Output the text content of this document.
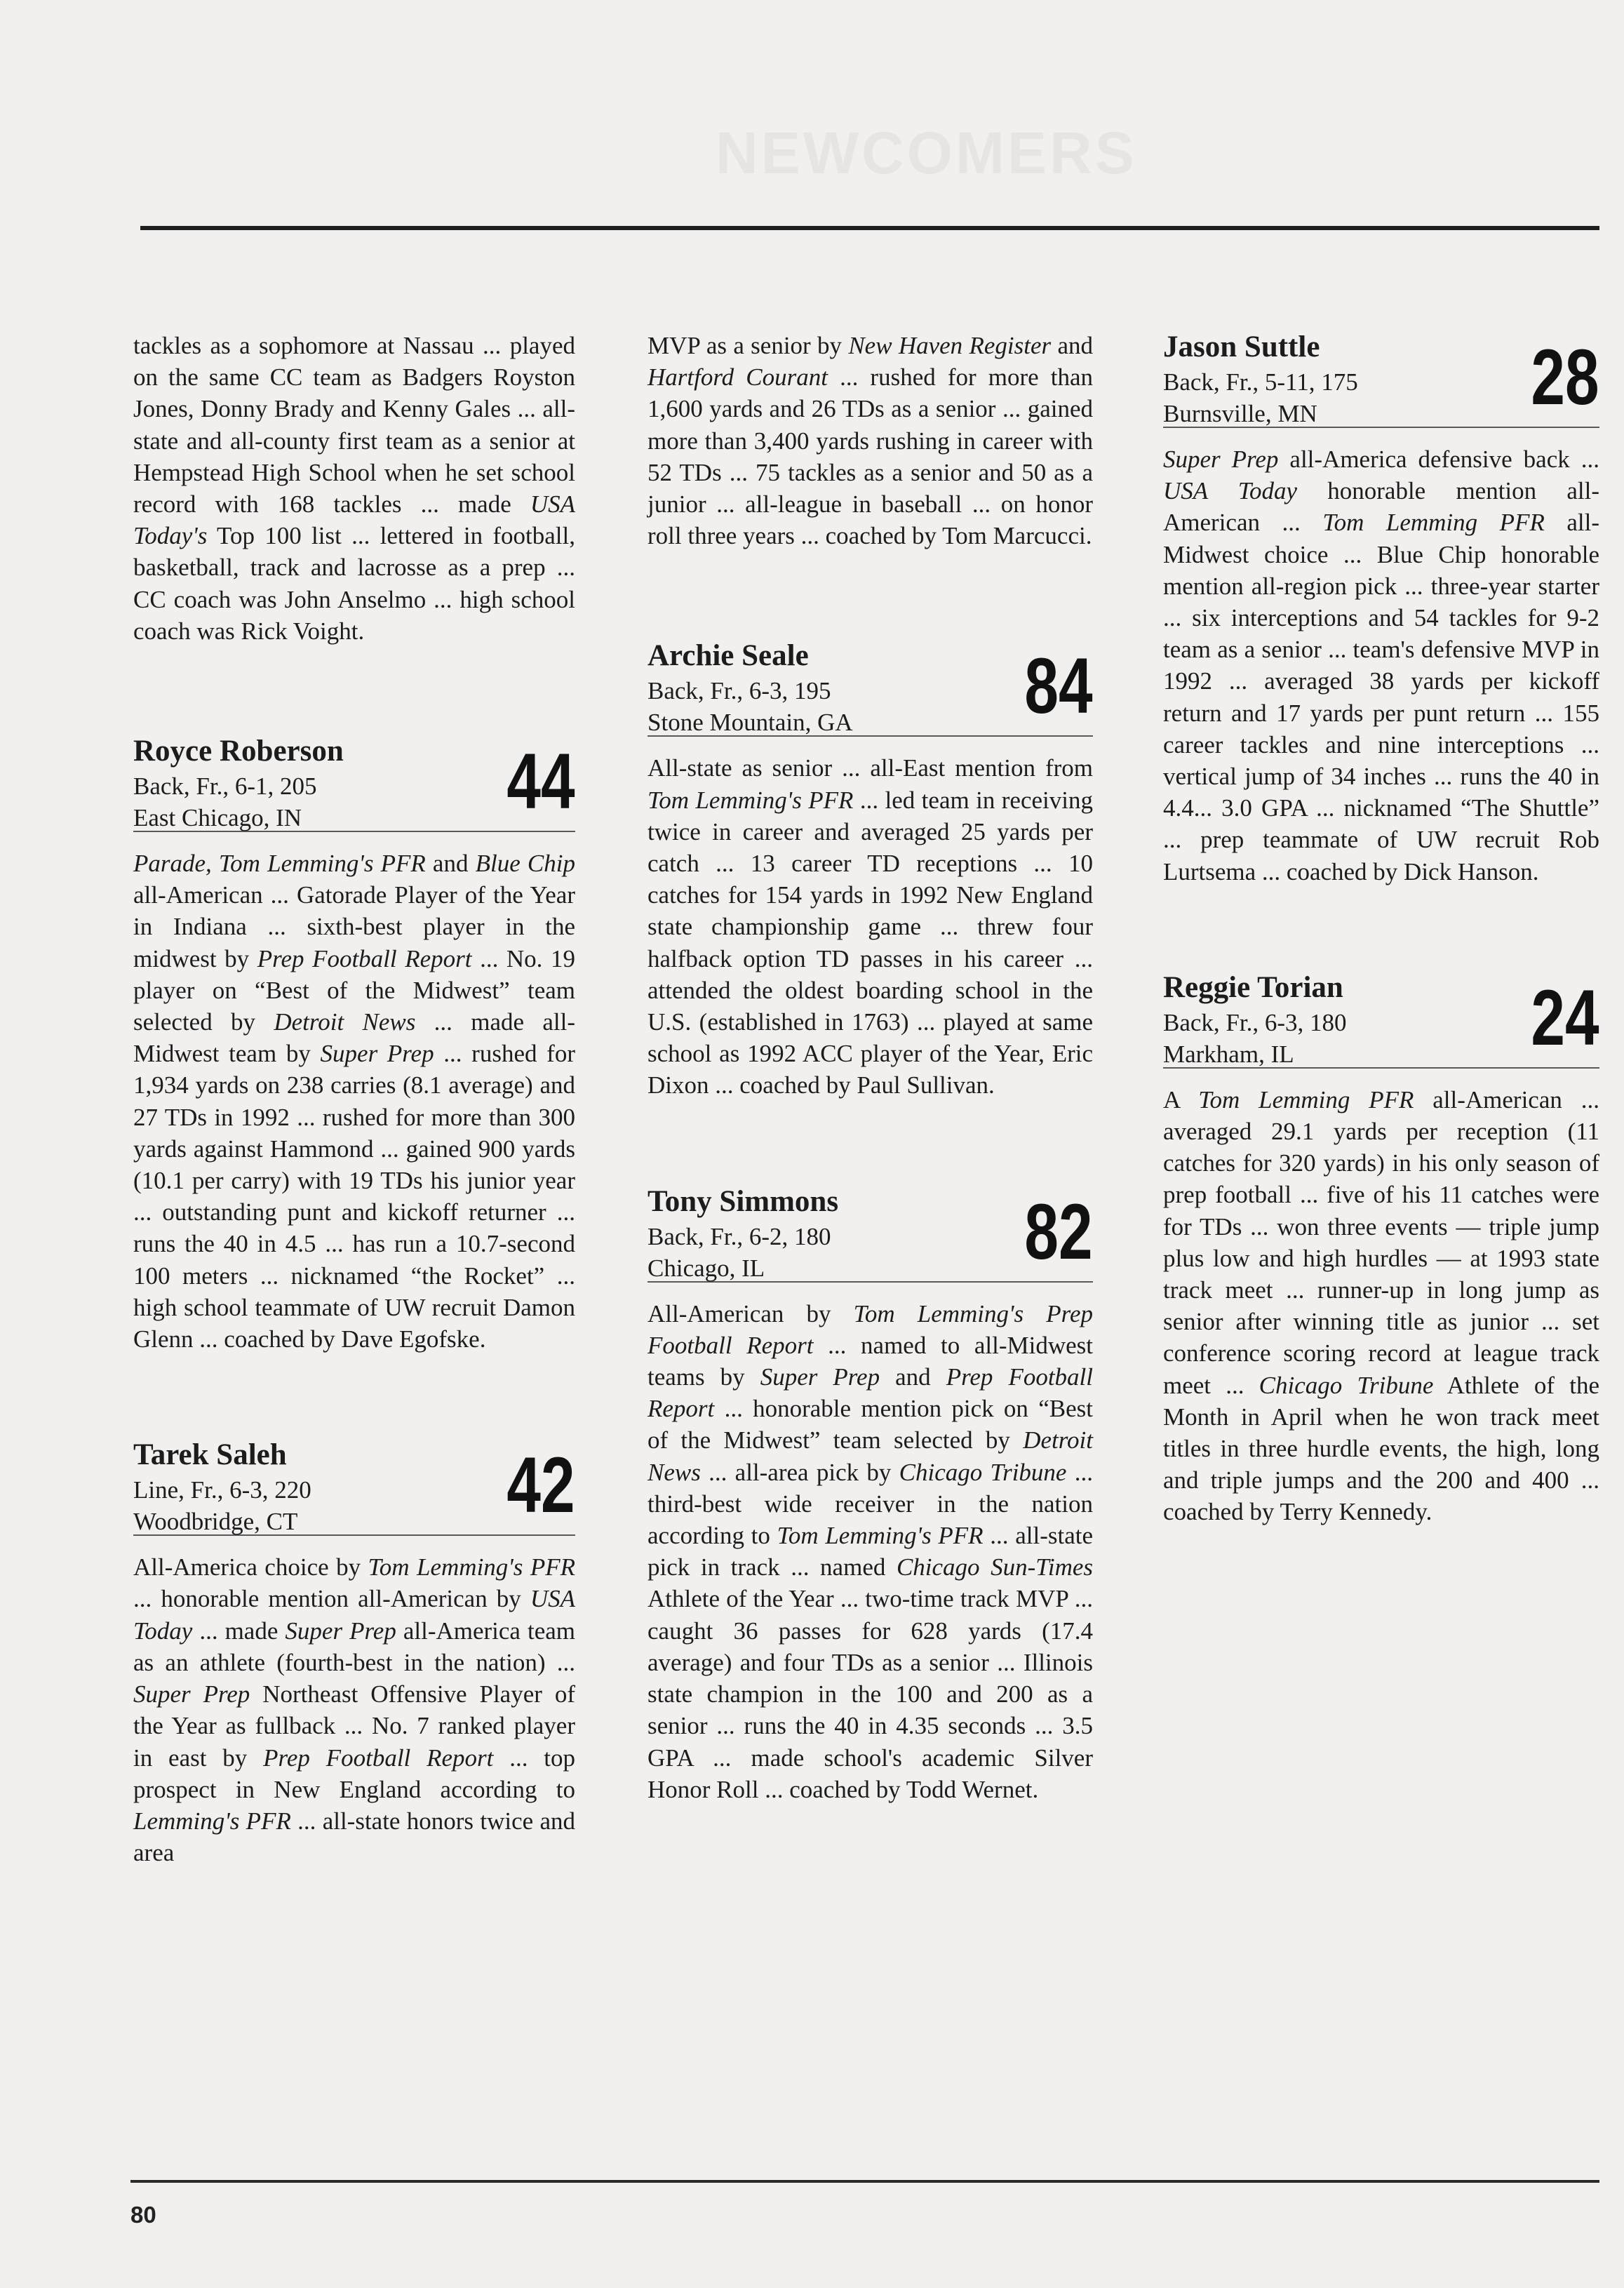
NEWCOMERS

tackles as a sophomore at Nassau ... played on the same CC team as Badgers Royston Jones, Donny Brady and Kenny Gales ... all-state and all-county first team as a senior at Hempstead High School when he set school record with 168 tackles ... made USA Today's Top 100 list ... lettered in football, basketball, track and lacrosse as a prep ... CC coach was John Anselmo ... high school coach was Rick Voight.

Royce Roberson
Back, Fr., 6-1, 205
East Chicago, IN	44

Parade, Tom Lemming's PFR and Blue Chip all-American ... Gatorade Player of the Year in Indiana ... sixth-best player in the midwest by Prep Football Report ... No. 19 player on “Best of the Midwest” team selected by Detroit News ... made all-Midwest team by Super Prep ... rushed for 1,934 yards on 238 carries (8.1 average) and 27 TDs in 1992 ... rushed for more than 300 yards against Hammond ... gained 900 yards (10.1 per carry) with 19 TDs his junior year ... outstanding punt and kickoff returner ... runs the 40 in 4.5 ... has run a 10.7-second 100 meters ... nicknamed “the Rocket” ... high school teammate of UW recruit Damon Glenn ... coached by Dave Egofske.

Tarek Saleh
Line, Fr., 6-3, 220
Woodbridge, CT	42

All-America choice by Tom Lemming's PFR ... honorable mention all-American by USA Today ... made Super Prep all-America team as an athlete (fourth-best in the nation) ... Super Prep Northeast Offensive Player of the Year as fullback ... No. 7 ranked player in east by Prep Football Report ... top prospect in New England according to Lemming's PFR ... all-state honors twice and area

MVP as a senior by New Haven Register and Hartford Courant ... rushed for more than 1,600 yards and 26 TDs as a senior ... gained more than 3,400 yards rushing in career with 52 TDs ... 75 tackles as a senior and 50 as a junior ... all-league in baseball ... on honor roll three years ... coached by Tom Marcucci.

Archie Seale
Back, Fr., 6-3, 195
Stone Mountain, GA 84

All-state as senior ... all-East mention from Tom Lemming's PFR ... led team in receiving twice in career and averaged 25 yards per catch ... 13 career TD receptions ... 10 catches for 154 yards in 1992 New England state championship game ... threw four halfback option TD passes in his career ... attended the oldest boarding school in the U.S. (established in 1763) ... played at same school as 1992 ACC player of the Year, Eric Dixon ... coached by Paul Sullivan.

Tony Simmons
Back, Fr., 6-2, 180
Chicago, IL	82

All-American by Tom Lemming's Prep Football Report ... named to all-Midwest teams by Super Prep and Prep Football Report ... honorable mention pick on “Best of the Midwest” team selected by Detroit News ... all-area pick by Chicago Tribune ... third-best wide receiver in the nation according to Tom Lemming's PFR ... all-state pick in track ... named Chicago Sun-Times Athlete of the Year ... two-time track MVP ... caught 36 passes for 628 yards (17.4 average) and four TDs as a senior ... Illinois state champion in the 100 and 200 as a senior ... runs the 40 in 4.35 seconds ... 3.5 GPA ... made school's academic Silver Honor Roll ... coached by Todd Wernet.

Jason Suttle
Back, Fr., 5-11, 175
Burnsville, MN	28

Super Prep all-America defensive back ... USA Today honorable mention all-American ... Tom Lemming PFR all-Midwest choice ... Blue Chip honorable mention all-region pick ... three-year starter ... six interceptions and 54 tackles for 9-2 team as a senior ... team's defensive MVP in 1992 ... averaged 38 yards per kickoff return and 17 yards per punt return ... 155 career tackles and nine interceptions ... vertical jump of 34 inches ... runs the 40 in 4.4... 3.0 GPA ... nicknamed “The Shuttle” ... prep teammate of UW recruit Rob Lurtsema ... coached by Dick Hanson.

Reggie Torian
Back, Fr., 6-3, 180
Markham, IL	24

A Tom Lemming PFR all-American ... averaged 29.1 yards per reception (11 catches for 320 yards) in his only season of prep football ... five of his 11 catches were for TDs ... won three events — triple jump plus low and high hurdles — at 1993 state track meet ... runner-up in long jump as senior after winning title as junior ... set conference scoring record at league track meet ... Chicago Tribune Athlete of the Month in April when he won track meet titles in three hurdle events, the high, long and triple jumps and the 200 and 400 ... coached by Terry Kennedy.

80
